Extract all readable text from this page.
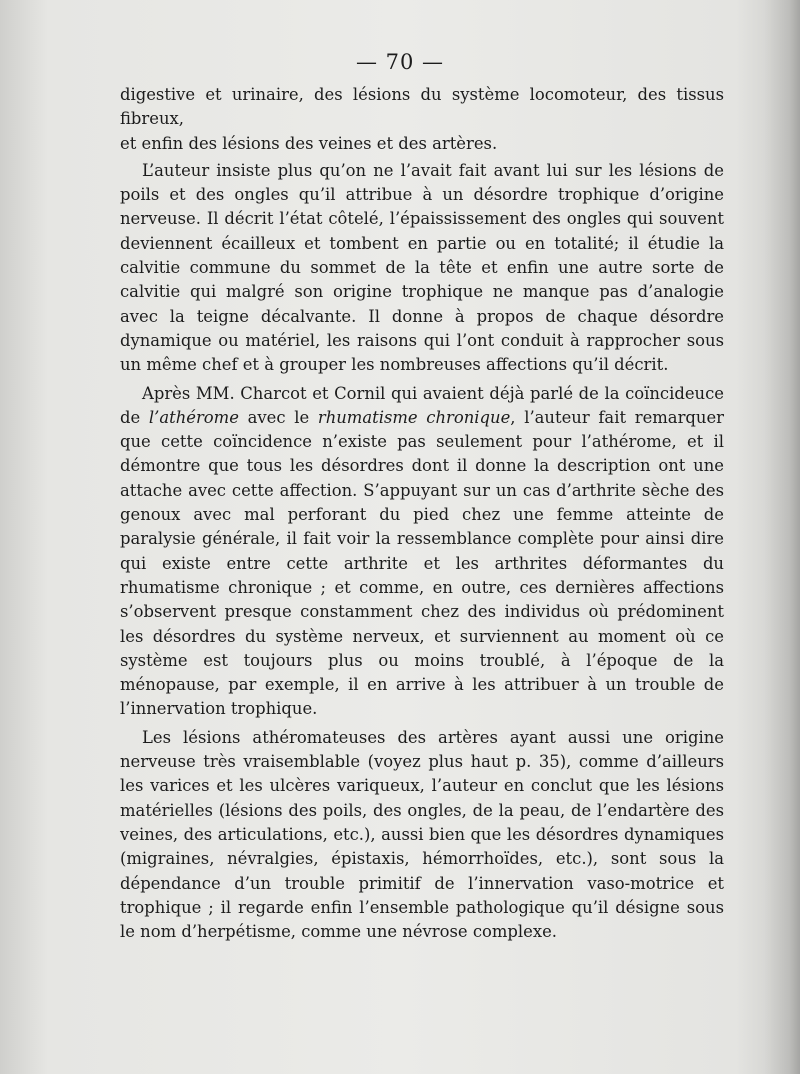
— 70 —

digestive et urinaire, des lésions du système locomoteur, des tissus fibreux,
et enfin des lésions des veines et des artères.

L’auteur insiste plus qu’on ne l’avait fait avant lui sur les lésions de poils et des ongles qu’il attribue à un désordre trophique d’origine nerveuse. Il décrit l’état côtelé, l’épaississement des ongles qui souvent deviennent écailleux et tombent en partie ou en totalité; il étudie la calvitie commune du sommet de la tête et enfin une autre sorte de calvitie qui malgré son origine trophique ne manque pas d’analogie avec la teigne décalvante. Il donne à propos de chaque désordre dynamique ou matériel, les raisons qui l’ont conduit à rapprocher sous un même chef et à grouper les nombreuses affections qu’il décrit.

Après MM. Charcot et Cornil qui avaient déjà parlé de la coïncideuce de l’athérome avec le rhumatisme chronique, l’auteur fait remarquer que cette coïncidence n’existe pas seulement pour l’athérome, et il démontre que tous les désordres dont il donne la description ont une attache avec cette affection. S’appuyant sur un cas d’arthrite sèche des genoux avec mal perforant du pied chez une femme atteinte de paralysie générale, il fait voir la ressemblance complète pour ainsi dire qui existe entre cette arthrite et les arthrites déformantes du rhumatisme chronique ; et comme, en outre, ces dernières affections s’observent presque constamment chez des individus où prédominent les désordres du système nerveux, et surviennent au moment où ce système est toujours plus ou moins troublé, à l’époque de la ménopause, par exemple, il en arrive à les attribuer à un trouble de l’innervation trophique.

Les lésions athéromateuses des artères ayant aussi une origine nerveuse très vraisemblable (voyez plus haut p. 35), comme d’ailleurs les varices et les ulcères variqueux, l’auteur en conclut que les lésions matérielles (lésions des poils, des ongles, de la peau, de l’endartère des veines, des articulations, etc.), aussi bien que les désordres dynamiques (migraines, névralgies, épistaxis, hémorrhoïdes, etc.), sont sous la dépendance d’un trouble primitif de l’innervation vaso-motrice et trophique ; il regarde enfin l’ensemble pathologique qu’il désigne sous le nom d’herpétisme, comme une névrose complexe.
